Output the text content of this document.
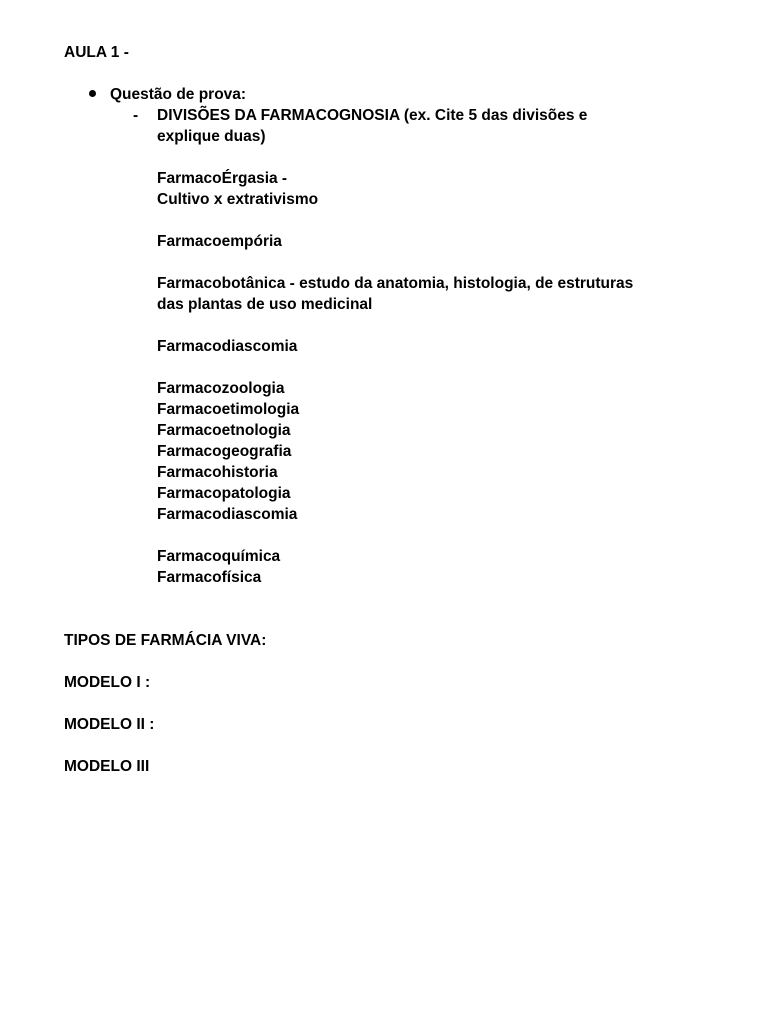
AULA 1 -
Questão de prova:
- DIVISÕES DA FARMACOGNOSIA (ex. Cite 5 das divisões e
explique duas)
FarmacoÉrgasia -
Cultivo x extrativismo
Farmacoempória
Farmacobotânica - estudo da anatomia, histologia, de estruturas
das plantas de uso medicinal
Farmacodiascomia
Farmacozoologia
Farmacoetimologia
Farmacoetnologia
Farmacogeografia
Farmacohistoria
Farmacopatologia
Farmacodiascomia
Farmacoquímica
Farmacofísica
TIPOS DE FARMÁCIA VIVA:
MODELO I :
MODELO II :
MODELO III
